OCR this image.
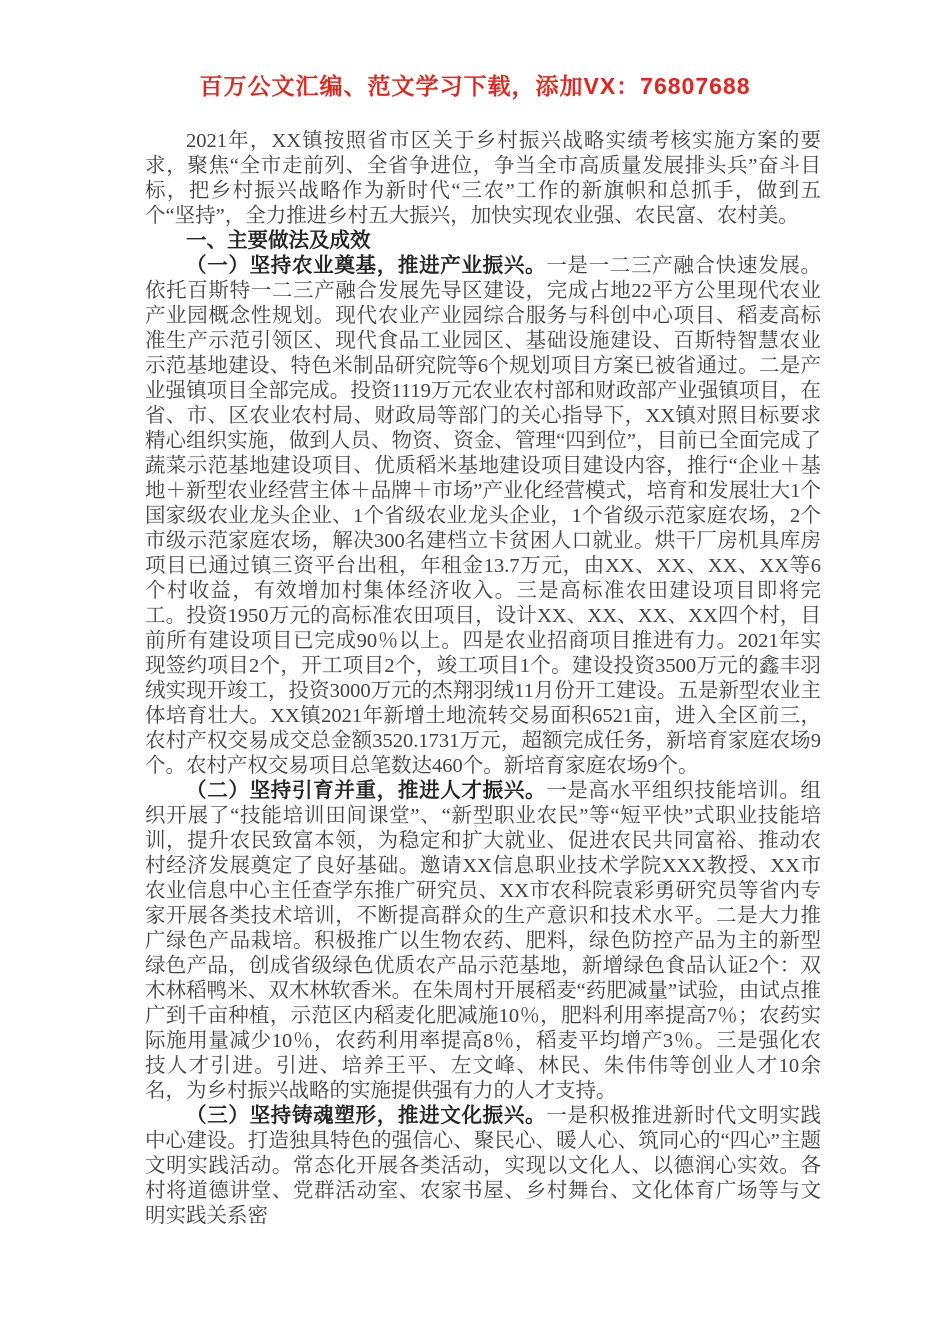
百万公文汇编、范文学习下载，添加VX：76807688

2021年，XX镇按照省市区关于乡村振兴战略实绩考核实施方案的要求，聚焦“全市走前列、全省争进位，争当全市高质量发展排头兵”奋斗目标，把乡村振兴战略作为新时代“三农”工作的新旗帜和总抓手，做到五个“坚持”，全力推进乡村五大振兴，加快实现农业强、农民富、农村美。

一、主要做法及成效

（一）坚持农业奠基，推进产业振兴。一是一二三产融合快速发展。依托百斯特一二三产融合发展先导区建设，完成占地22平方公里现代农业产业园概念性规划。现代农业产业园综合服务与科创中心项目、稻麦高标准生产示范引领区、现代食品工业园区、基础设施建设、百斯特智慧农业示范基地建设、特色米制品研究院等6个规划项目方案已被省通过。二是产业强镇项目全部完成。投资1119万元农业农村部和财政部产业强镇项目，在省、市、区农业农村局、财政局等部门的关心指导下，XX镇对照目标要求精心组织实施，做到人员、物资、资金、管理“四到位”，目前已全面完成了蔬菜示范基地建设项目、优质稻米基地建设项目建设内容，推行“企业＋基地＋新型农业经营主体＋品牌＋市场”产业化经营模式，培育和发展壮大1个国家级农业龙头企业、1个省级农业龙头企业，1个省级示范家庭农场，2个市级示范家庭农场，解决300名建档立卡贫困人口就业。烘干厂房机具库房项目已通过镇三资平台出租，年租金13.7万元，由XX、XX、XX、XX等6个村收益，有效增加村集体经济收入。三是高标准农田建设项目即将完工。投资1950万元的高标准农田项目，设计XX、XX、XX、XX四个村，目前所有建设项目已完成90％以上。四是农业招商项目推进有力。2021年实现签约项目2个，开工项目2个，竣工项目1个。建设投资3500万元的鑫丰羽绒实现开竣工，投资3000万元的杰翔羽绒11月份开工建设。五是新型农业主体培育壮大。XX镇2021年新增土地流转交易面积6521亩，进入全区前三，农村产权交易成交总金额3520.1731万元，超额完成任务，新培育家庭农场9个。农村产权交易项目总笔数达460个。新培育家庭农场9个。

（二）坚持引育并重，推进人才振兴。一是高水平组织技能培训。组织开展了“技能培训田间课堂”、“新型职业农民”等“短平快”式职业技能培训，提升农民致富本领，为稳定和扩大就业、促进农民共同富裕、推动农村经济发展奠定了良好基础。邀请XX信息职业技术学院XXX教授、XX市农业信息中心主任查学东推广研究员、XX市农科院袁彩勇研究员等省内专家开展各类技术培训，不断提高群众的生产意识和技术水平。二是大力推广绿色产品栽培。积极推广以生物农药、肥料，绿色防控产品为主的新型绿色产品，创成省级绿色优质农产品示范基地，新增绿色食品认证2个：双木林稻鸭米、双木林软香米。在朱周村开展稻麦“药肥减量”试验，由试点推广到千亩种植，示范区内稻麦化肥减施10％，肥料利用率提高7％；农药实际施用量减少10％，农药利用率提高8％，稻麦平均增产3％。三是强化农技人才引进。引进、培养王平、左文峰、林民、朱伟伟等创业人才10余名，为乡村振兴战略的实施提供强有力的人才支持。

（三）坚持铸魂塑形，推进文化振兴。一是积极推进新时代文明实践中心建设。打造独具特色的强信心、聚民心、暖人心、筑同心的“四心”主题文明实践活动。常态化开展各类活动，实现以文化人、以德润心实效。各村将道德讲堂、党群活动室、农家书屋、乡村舞台、文化体育广场等与文明实践关系密
